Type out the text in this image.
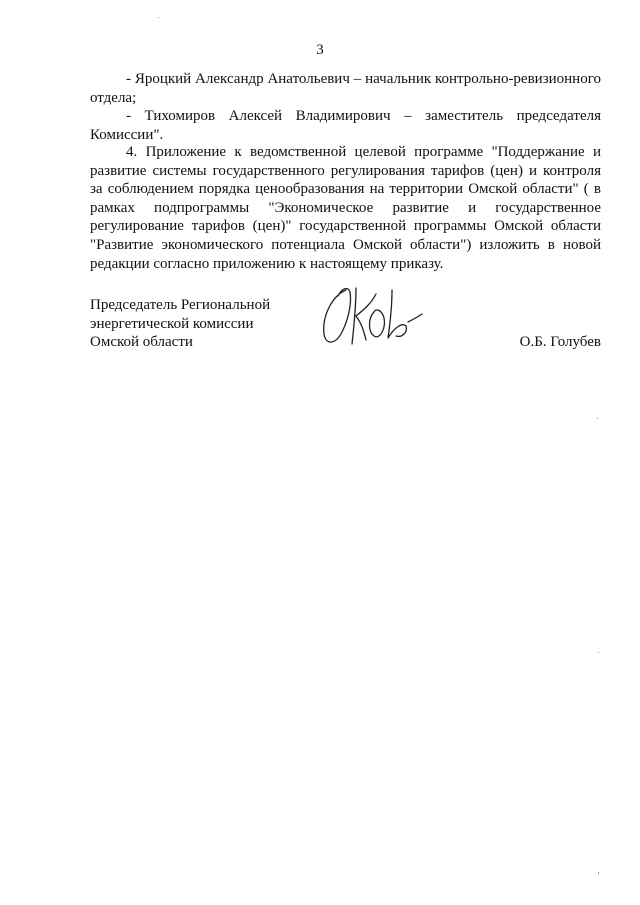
3

- Яроцкий Александр Анатольевич – начальник контрольно-ревизионного отдела;

- Тихомиров Алексей Владимирович – заместитель председателя Комиссии".

4. Приложение к ведомственной целевой программе "Поддержание и развитие системы государственного регулирования тарифов (цен) и контроля за соблюдением порядка ценообразования на территории Омской области" ( в рамках подпрограммы "Экономическое развитие и государственное регулирование тарифов (цен)" государственной программы Омской области "Развитие экономического потенциала Омской области") изложить в новой редакции согласно приложению к настоящему приказу.

Председатель Региональной
энергетической комиссии
Омской области	О.Б. Голубев
